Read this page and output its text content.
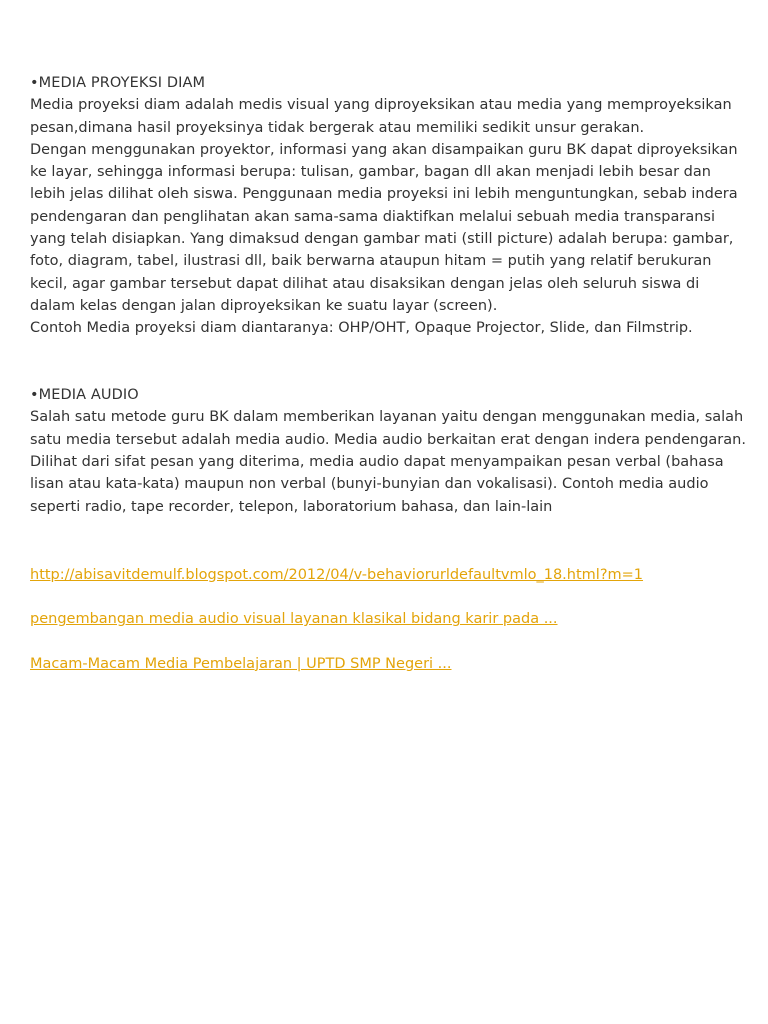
•MEDIA PROYEKSI DIAM

Media proyeksi diam adalah medis visual yang diproyeksikan atau media yang memproyeksikan pesan,dimana hasil proyeksinya tidak bergerak atau memiliki sedikit unsur gerakan.

Dengan menggunakan proyektor, informasi yang akan disampaikan guru BK dapat diproyeksikan ke layar, sehingga informasi berupa: tulisan, gambar, bagan dll akan menjadi lebih besar dan lebih jelas dilihat oleh siswa. Penggunaan media proyeksi ini lebih menguntungkan, sebab indera pendengaran dan penglihatan akan sama-sama diaktifkan melalui sebuah media transparansi yang telah disiapkan. Yang dimaksud dengan gambar mati (still picture) adalah berupa: gambar, foto, diagram, tabel, ilustrasi dll, baik berwarna ataupun hitam = putih yang relatif berukuran kecil, agar gambar tersebut dapat dilihat atau disaksikan dengan jelas oleh seluruh siswa di dalam kelas dengan jalan diproyeksikan ke suatu layar (screen).

Contoh Media proyeksi diam diantaranya: OHP/OHT, Opaque Projector, Slide, dan Filmstrip.

•MEDIA AUDIO

Salah satu metode guru BK dalam memberikan layanan yaitu dengan menggunakan media, salah satu media tersebut adalah media audio. Media audio berkaitan erat dengan indera pendengaran. Dilihat dari sifat pesan yang diterima, media audio dapat menyampaikan pesan verbal (bahasa lisan atau kata-kata) maupun non verbal (bunyi-bunyian dan vokalisasi). Contoh media audio seperti radio, tape recorder, telepon, laboratorium bahasa, dan lain-lain

http://abisavitdemulf.blogspot.com/2012/04/v-behaviorurldefaultvmlo_18.html?m=1
pengembangan media audio visual layanan klasikal bidang karir pada ...
Macam-Macam Media Pembelajaran | UPTD SMP Negeri ...
